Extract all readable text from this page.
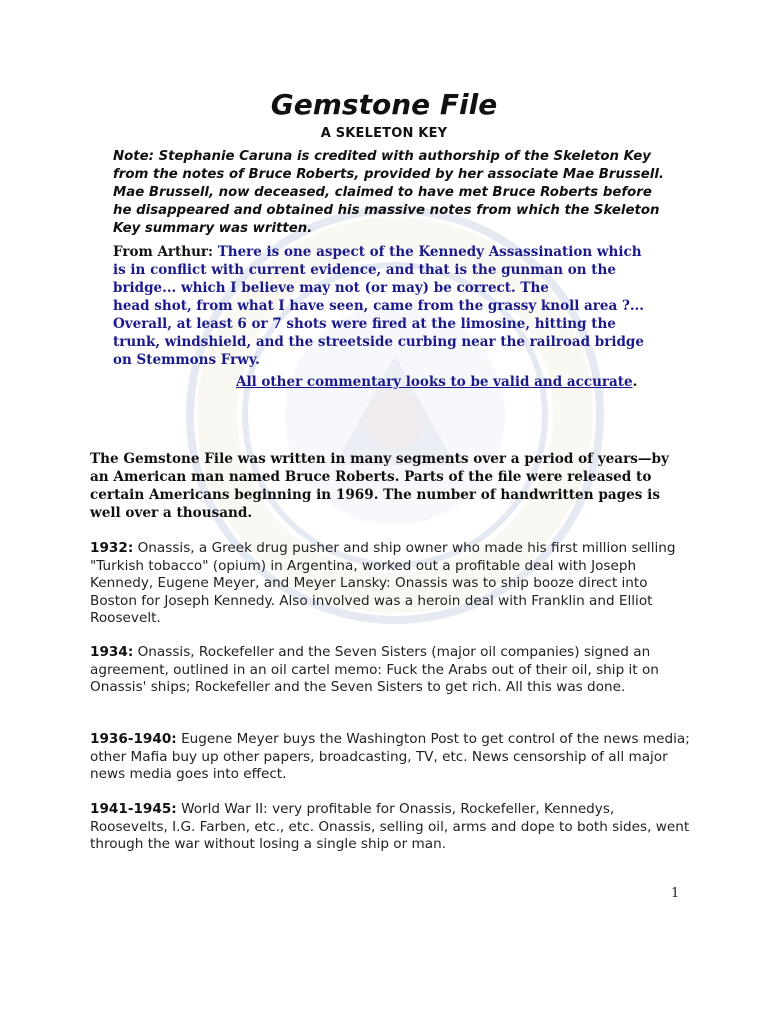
Gemstone File
A SKELETON KEY

Note: Stephanie Caruna is credited with authorship of the Skeleton Key from the notes of Bruce Roberts, provided by her associate Mae Brussell. Mae Brussell, now deceased, claimed to have met Bruce Roberts before he disappeared and obtained his massive notes from which the Skeleton Key summary was written.

From Arthur: There is one aspect of the Kennedy Assassination which is in conflict with current evidence, and that is the gunman on the bridge... which I believe may not (or may) be correct. The
head shot, from what I have seen, came from the grassy knoll area ?... Overall, at least 6 or 7 shots were fired at the limosine, hitting the trunk, windshield, and the streetside curbing near the railroad bridge on Stemmons Frwy.
All other commentary looks to be valid and accurate.

The Gemstone File was written in many segments over a period of years—by an American man named Bruce Roberts. Parts of the file were released to certain Americans beginning in 1969. The number of handwritten pages is well over a thousand.

1932: Onassis, a Greek drug pusher and ship owner who made his first million selling "Turkish tobacco" (opium) in Argentina, worked out a profitable deal with Joseph Kennedy, Eugene Meyer, and Meyer Lansky: Onassis was to ship booze direct into Boston for Joseph Kennedy. Also involved was a heroin deal with Franklin and Elliot Roosevelt.

1934: Onassis, Rockefeller and the Seven Sisters (major oil companies) signed an agreement, outlined in an oil cartel memo: Fuck the Arabs out of their oil, ship it on Onassis' ships; Rockefeller and the Seven Sisters to get rich. All this was done.

1936-1940: Eugene Meyer buys the Washington Post to get control of the news media; other Mafia buy up other papers, broadcasting, TV, etc. News censorship of all major news media goes into effect.

1941-1945: World War II: very profitable for Onassis, Rockefeller, Kennedys, Roosevelts, I.G. Farben, etc., etc. Onassis, selling oil, arms and dope to both sides, went through the war without losing a single ship or man.

1
